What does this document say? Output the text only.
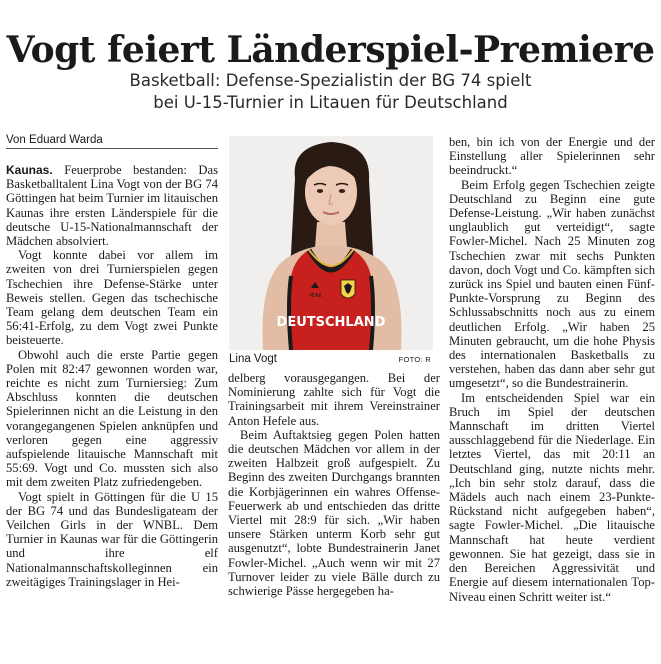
Vogt feiert Länderspiel-Premiere
Basketball: Defense-Spezialistin der BG 74 spielt
bei U-15-Turnier in Litauen für Deutschland
Von Eduard Warda

Kaunas. Feuerprobe bestanden: Das Basketballtalent Lina Vogt von der BG 74 Göttingen hat beim Turnier im litauischen Kaunas ihre ersten Länderspiele für die deutsche U-15-Nationalmannschaft der Mädchen absolviert.

Vogt konnte dabei vor allem im zweiten von drei Turnierspielen gegen Tschechien ihre Defense-Stärke unter Beweis stellen. Gegen das tschechische Team gelang dem deutschen Team ein 56:41-Erfolg, zu dem Vogt zwei Punkte beisteuerte.

Obwohl auch die erste Partie gegen Polen mit 82:47 gewonnen worden war, reichte es nicht zum Turniersieg: Zum Abschluss konnten die deutschen Spielerinnen nicht an die Leistung in den vorangegangenen Spielen anknüpfen und verloren gegen eine aggressiv aufspielende litauische Mannschaft mit 55:69. Vogt und Co. mussten sich also mit dem zweiten Platz zufriedengeben.

Vogt spielt in Göttingen für die U 15 der BG 74 und das Bundesligateam der Veilchen Girls in der WNBL. Dem Turnier in Kaunas war für die Göttingerin und ihre elf Nationalmannschaftskolleginnen ein zweitägiges Trainingslager in Hei-

PEAK
DEUTSCHLAND
Lina Vogt	FOTO: R

delberg vorausgegangen. Bei der Nominierung zahlte sich für Vogt die Trainingsarbeit mit ihrem Vereinstrainer Anton Hefele aus.

Beim Auftaktsieg gegen Polen hatten die deutschen Mädchen vor allem in der zweiten Halbzeit groß aufgespielt. Zu Beginn des zweiten Durchgangs brannten die Korbjägerinnen ein wahres Offense-Feuerwerk ab und entschieden das dritte Viertel mit 28:9 für sich. „Wir haben unsere Stärken unterm Korb sehr gut ausgenutzt“, lobte Bundestrainerin Janet Fowler-Michel. „Auch wenn wir mit 27 Turnover leider zu viele Bälle durch zu schwierige Pässe hergegeben ha-

ben, bin ich von der Energie und der Einstellung aller Spielerinnen sehr beeindruckt.“

Beim Erfolg gegen Tschechien zeigte Deutschland zu Beginn eine gute Defense-Leistung. „Wir haben zunächst unglaublich gut verteidigt“, sagte Fowler-Michel. Nach 25 Minuten zog Tschechien zwar mit sechs Punkten davon, doch Vogt und Co. kämpften sich zurück ins Spiel und bauten einen Fünf-Punkte-Vorsprung zu Beginn des Schlussabschnitts noch aus zu einem deutlichen Erfolg. „Wir haben 25 Minuten gebraucht, um die hohe Physis des internationalen Basketballs zu verstehen, haben das dann aber sehr gut umgesetzt“, so die Bundestrainerin.

Im entscheidenden Spiel war ein Bruch im Spiel der deutschen Mannschaft im dritten Viertel ausschlaggebend für die Niederlage. Ein letztes Viertel, das mit 20:11 an Deutschland ging, nutzte nichts mehr. „Ich bin sehr stolz darauf, dass die Mädels auch nach einem 23-Punkte-Rückstand nicht aufgegeben haben“, sagte Fowler-Michel. „Die litauische Mannschaft hat heute verdient gewonnen. Sie hat gezeigt, dass sie in den Bereichen Aggressivität und Energie auf diesem internationalen Top-Niveau einen Schritt weiter ist.“
